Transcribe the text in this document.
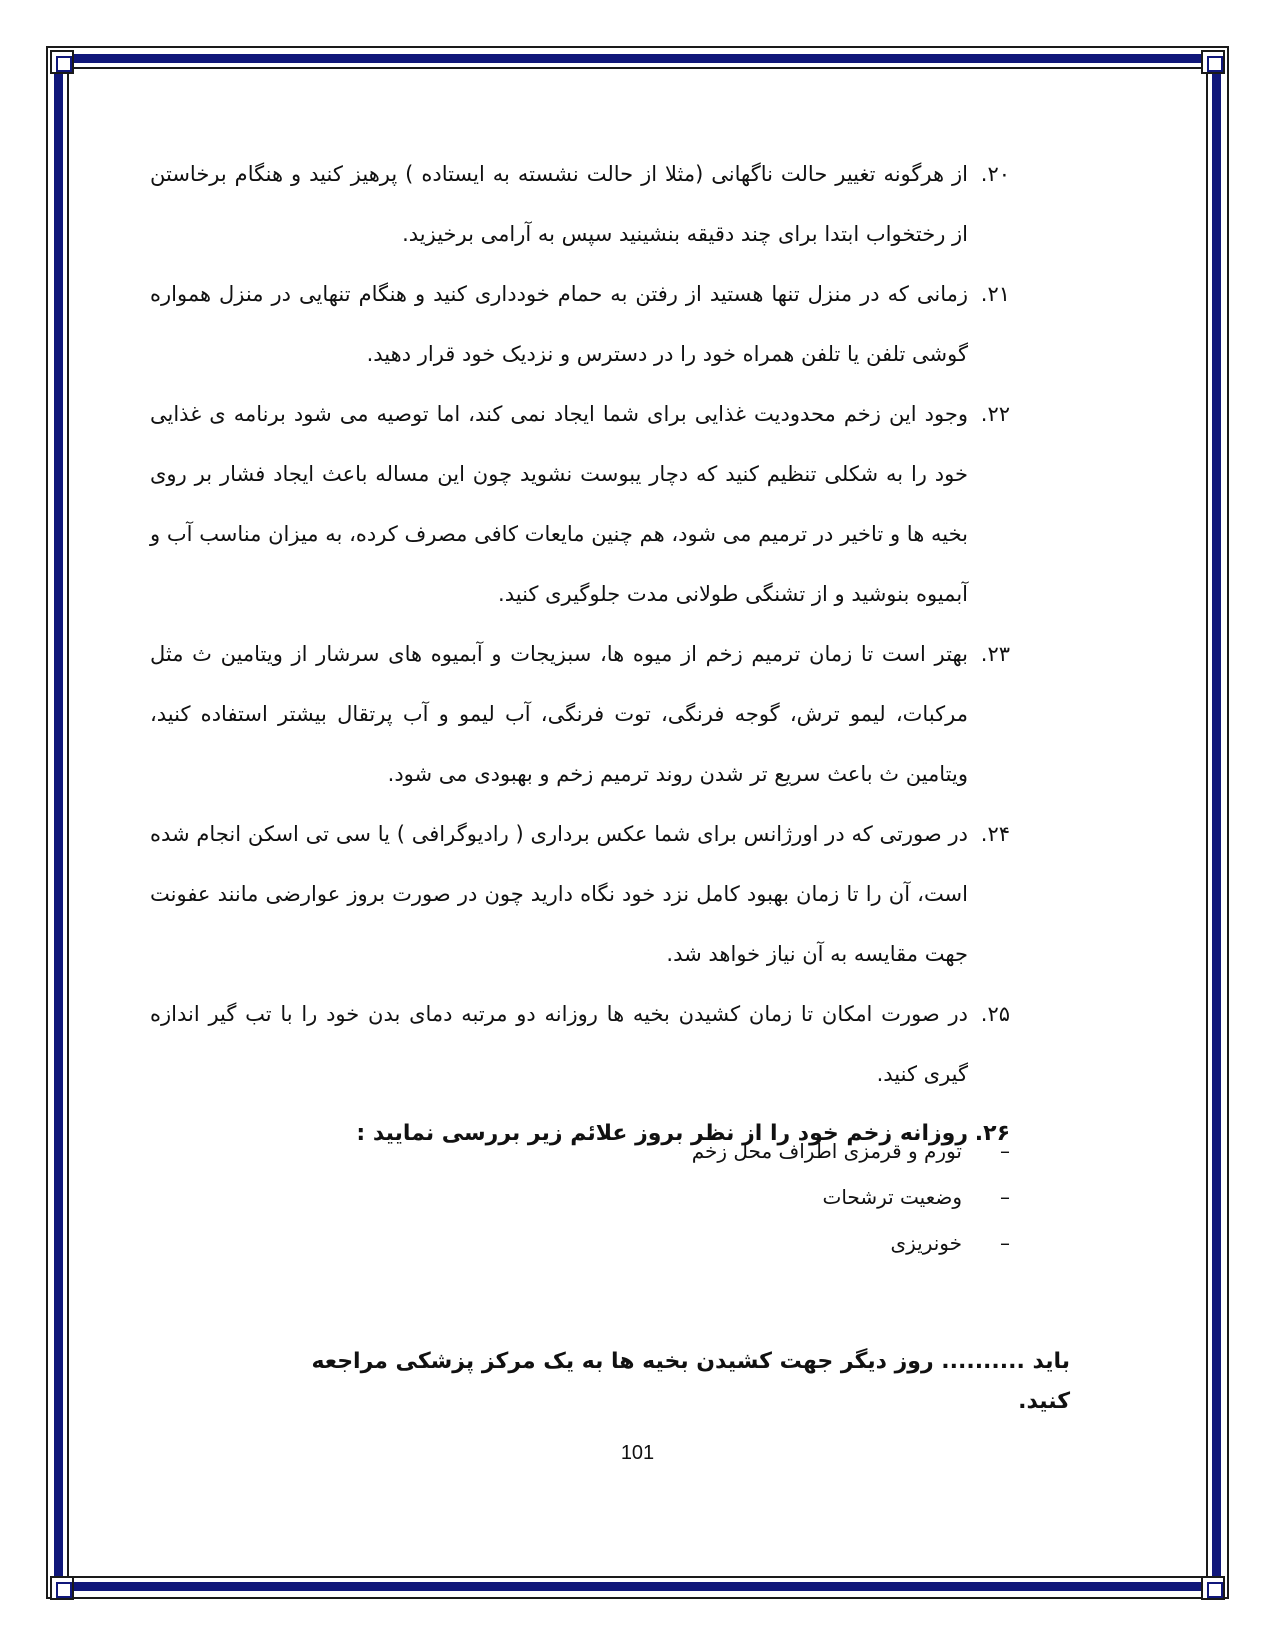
۲۰.
از هرگونه تغییر حالت ناگهانی (مثلا از حالت نشسته به ایستاده ) پرهیز کنید و هنگام برخاستن از رختخواب ابتدا برای چند دقیقه بنشینید سپس به آرامی برخیزید.
۲۱.
زمانی که در منزل تنها هستید از رفتن به حمام خودداری کنید و هنگام تنهایی در منزل همواره گوشی تلفن یا تلفن همراه خود را در دسترس و نزدیک خود قرار دهید.
۲۲.
وجود این زخم محدودیت غذایی برای شما ایجاد نمی کند، اما توصیه می شود برنامه ی غذایی خود را به شکلی تنظیم کنید که دچار یبوست نشوید چون این مساله باعث ایجاد فشار بر روی بخیه ها و تاخیر در ترمیم می شود، هم چنین مایعات کافی مصرف کرده، به میزان مناسب آب و آبمیوه بنوشید و از تشنگی طولانی مدت جلوگیری کنید.
۲۳.
بهتر است تا زمان ترمیم زخم از میوه ها، سبزیجات و آبمیوه های سرشار از ویتامین ث مثل مرکبات، لیمو ترش، گوجه فرنگی، توت فرنگی، آب لیمو و آب پرتقال بیشتر استفاده کنید، ویتامین ث باعث سریع تر شدن روند ترمیم زخم و بهبودی می شود.
۲۴.
در صورتی که در اورژانس برای شما عکس برداری ( رادیوگرافی ) یا سی تی اسکن انجام شده است، آن را تا زمان بهبود کامل نزد خود نگاه دارید چون در صورت بروز عوارضی مانند عفونت جهت مقایسه به آن نیاز خواهد شد.
۲۵.
در صورت امکان تا زمان کشیدن بخیه ها روزانه دو مرتبه دمای بدن خود را با تب گیر اندازه گیری کنید.
۲۶.
روزانه زخم خود را از نظر بروز علائم زیر بررسی نمایید :
–
تورم و قرمزی اطراف محل زخم
–
وضعیت ترشحات
–
خونریزی
باید .......... روز دیگر جهت کشیدن بخیه ها به یک مرکز پزشکی مراجعه کنید.
101
